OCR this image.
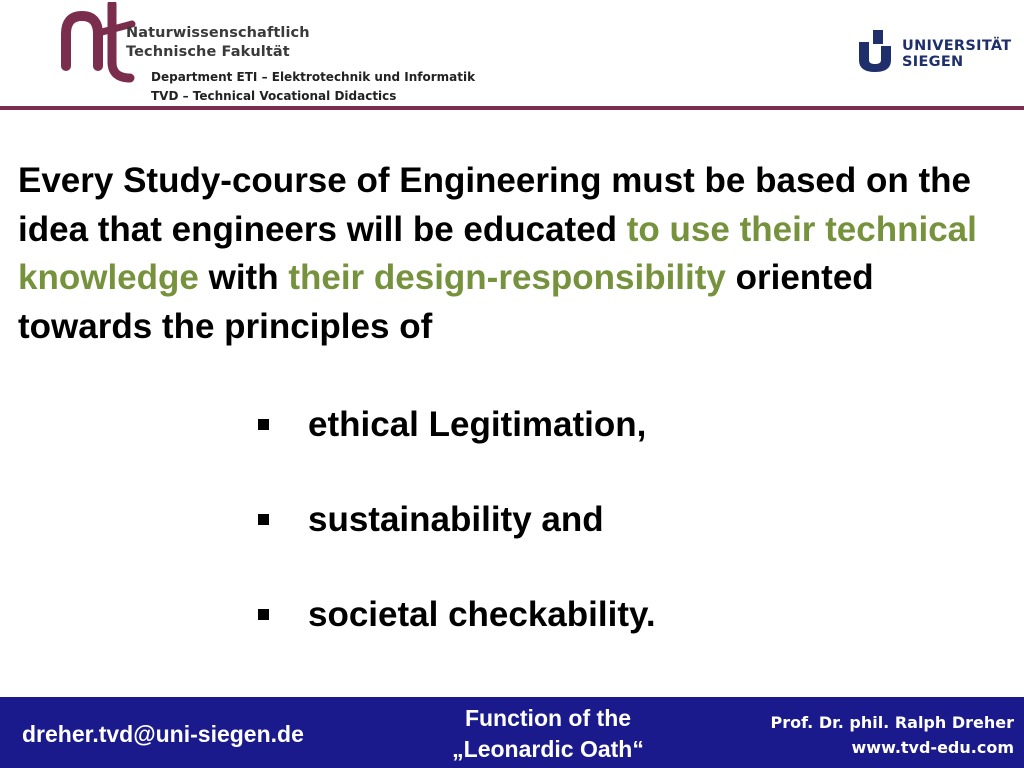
Naturwissenschaftlich
Technische Fakultät
Department ETI – Elektrotechnik und Informatik
TVD – Technical Vocational Didactics
UNIVERSITÄT
SIEGEN
Every Study-course of Engineering must be based on the idea that engineers will be educated to use their technical knowledge with their design-responsibility oriented towards the principles of
ethical Legitimation,
sustainability and
societal checkability.
dreher.tvd@uni-siegen.de
Function of the
„Leonardic Oath“
Prof. Dr. phil. Ralph Dreher
www.tvd-edu.com
